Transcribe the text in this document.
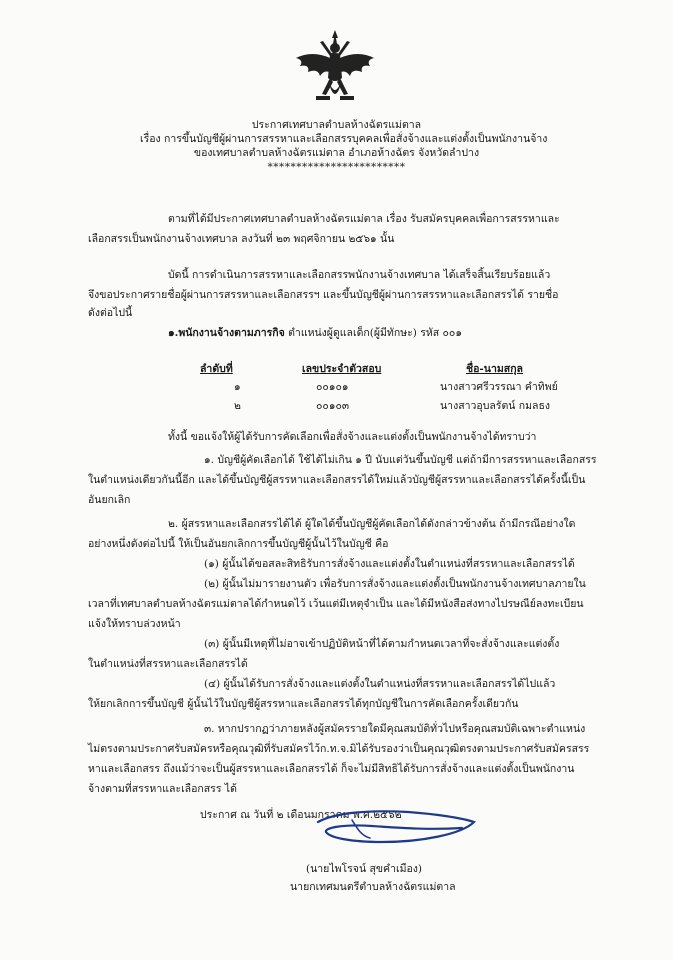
ประกาศเทศบาลตำบลห้างฉัตรแม่ตาล
เรื่อง การขึ้นบัญชีผู้ผ่านการสรรหาและเลือกสรรบุคคลเพื่อสั่งจ้างและแต่งตั้งเป็นพนักงานจ้าง
ของเทศบาลตำบลห้างฉัตรแม่ตาล อำเภอห้างฉัตร จังหวัดลำปาง
************************
ตามที่ได้มีประกาศเทศบาลตำบลห้างฉัตรแม่ตาล เรื่อง รับสมัครบุคคลเพื่อการสรรหาและ
เลือกสรรเป็นพนักงานจ้างเทศบาล ลงวันที่ ๒๓ พฤศจิกายน ๒๕๖๑ นั้น
บัดนี้ การดำเนินการสรรหาและเลือกสรรพนักงานจ้างเทศบาล ได้เสร็จสิ้นเรียบร้อยแล้ว
จึงขอประกาศรายชื่อผู้ผ่านการสรรหาและเลือกสรรฯ และขึ้นบัญชีผู้ผ่านการสรรหาและเลือกสรรได้ รายชื่อ
ดังต่อไปนี้
๑.พนักงานจ้างตามภารกิจ ตำแหน่งผู้ดูแลเด็ก(ผู้มีทักษะ) รหัส ๐๐๑
ลำดับที่	เลขประจำตัวสอบ	ชื่อ-นามสกุล
๑	๐๐๑๐๑	นางสาวศรีวรรณา คำทิพย์
๒	๐๐๑๐๓	นางสาวอุบลรัตน์ กมลธง
ทั้งนี้ ขอแจ้งให้ผู้ได้รับการคัดเลือกเพื่อสั่งจ้างและแต่งตั้งเป็นพนักงานจ้างได้ทราบว่า
๑. บัญชีผู้คัดเลือกได้ ใช้ได้ไม่เกิน ๑ ปี นับแต่วันขึ้นบัญชี แต่ถ้ามีการสรรหาและเลือกสรร
ในตำแหน่งเดียวกันนี้อีก และได้ขึ้นบัญชีผู้สรรหาและเลือกสรรได้ใหม่แล้วบัญชีผู้สรรหาและเลือกสรรได้ครั้งนี้เป็น
อันยกเลิก
๒. ผู้สรรหาและเลือกสรรได้ได้ ผู้ใดได้ขึ้นบัญชีผู้คัดเลือกได้ดังกล่าวข้างต้น ถ้ามีกรณีอย่างใด
อย่างหนึ่งดังต่อไปนี้ ให้เป็นอันยกเลิกการขึ้นบัญชีผู้นั้นไว้ในบัญชี คือ
(๑) ผู้นั้นได้ขอสละสิทธิรับการสั่งจ้างและแต่งตั้งในตำแหน่งที่สรรหาและเลือกสรรได้
(๒) ผู้นั้นไม่มารายงานตัว เพื่อรับการสั่งจ้างและแต่งตั้งเป็นพนักงานจ้างเทศบาลภายใน
เวลาที่เทศบาลตำบลห้างฉัตรแม่ตาลได้กำหนดไว้ เว้นแต่มีเหตุจำเป็น และได้มีหนังสือส่งทางไปรษณีย์ลงทะเบียน
แจ้งให้ทราบล่วงหน้า
(๓) ผู้นั้นมีเหตุที่ไม่อาจเข้าปฏิบัติหน้าที่ได้ตามกำหนดเวลาที่จะสั่งจ้างและแต่งตั้ง
ในตำแหน่งที่สรรหาและเลือกสรรได้
(๔) ผู้นั้นได้รับการสั่งจ้างและแต่งตั้งในตำแหน่งที่สรรหาและเลือกสรรได้ไปแล้ว
ให้ยกเลิกการขึ้นบัญชี ผู้นั้นไว้ในบัญชีผู้สรรหาและเลือกสรรได้ทุกบัญชีในการคัดเลือกครั้งเดียวกัน
๓. หากปรากฏว่าภายหลังผู้สมัครรายใดมีคุณสมบัติทั่วไปหรือคุณสมบัติเฉพาะตำแหน่ง
ไม่ตรงตามประกาศรับสมัครหรือคุณวุฒิที่รับสมัครไว้ก.ท.จ.มิได้รับรองว่าเป็นคุณวุฒิตรงตามประกาศรับสมัครสรร
หาและเลือกสรร ถึงแม้ว่าจะเป็นผู้สรรหาและเลือกสรรได้ ก็จะไม่มีสิทธิได้รับการสั่งจ้างและแต่งตั้งเป็นพนักงาน
จ้างตามที่สรรหาและเลือกสรร ได้
ประกาศ ณ วันที่ ๒ เดือนมกราคม พ.ศ.๒๕๖๒
(นายไพโรจน์ สุขคำเมือง)
นายกเทศมนตรีตำบลห้างฉัตรแม่ตาล
